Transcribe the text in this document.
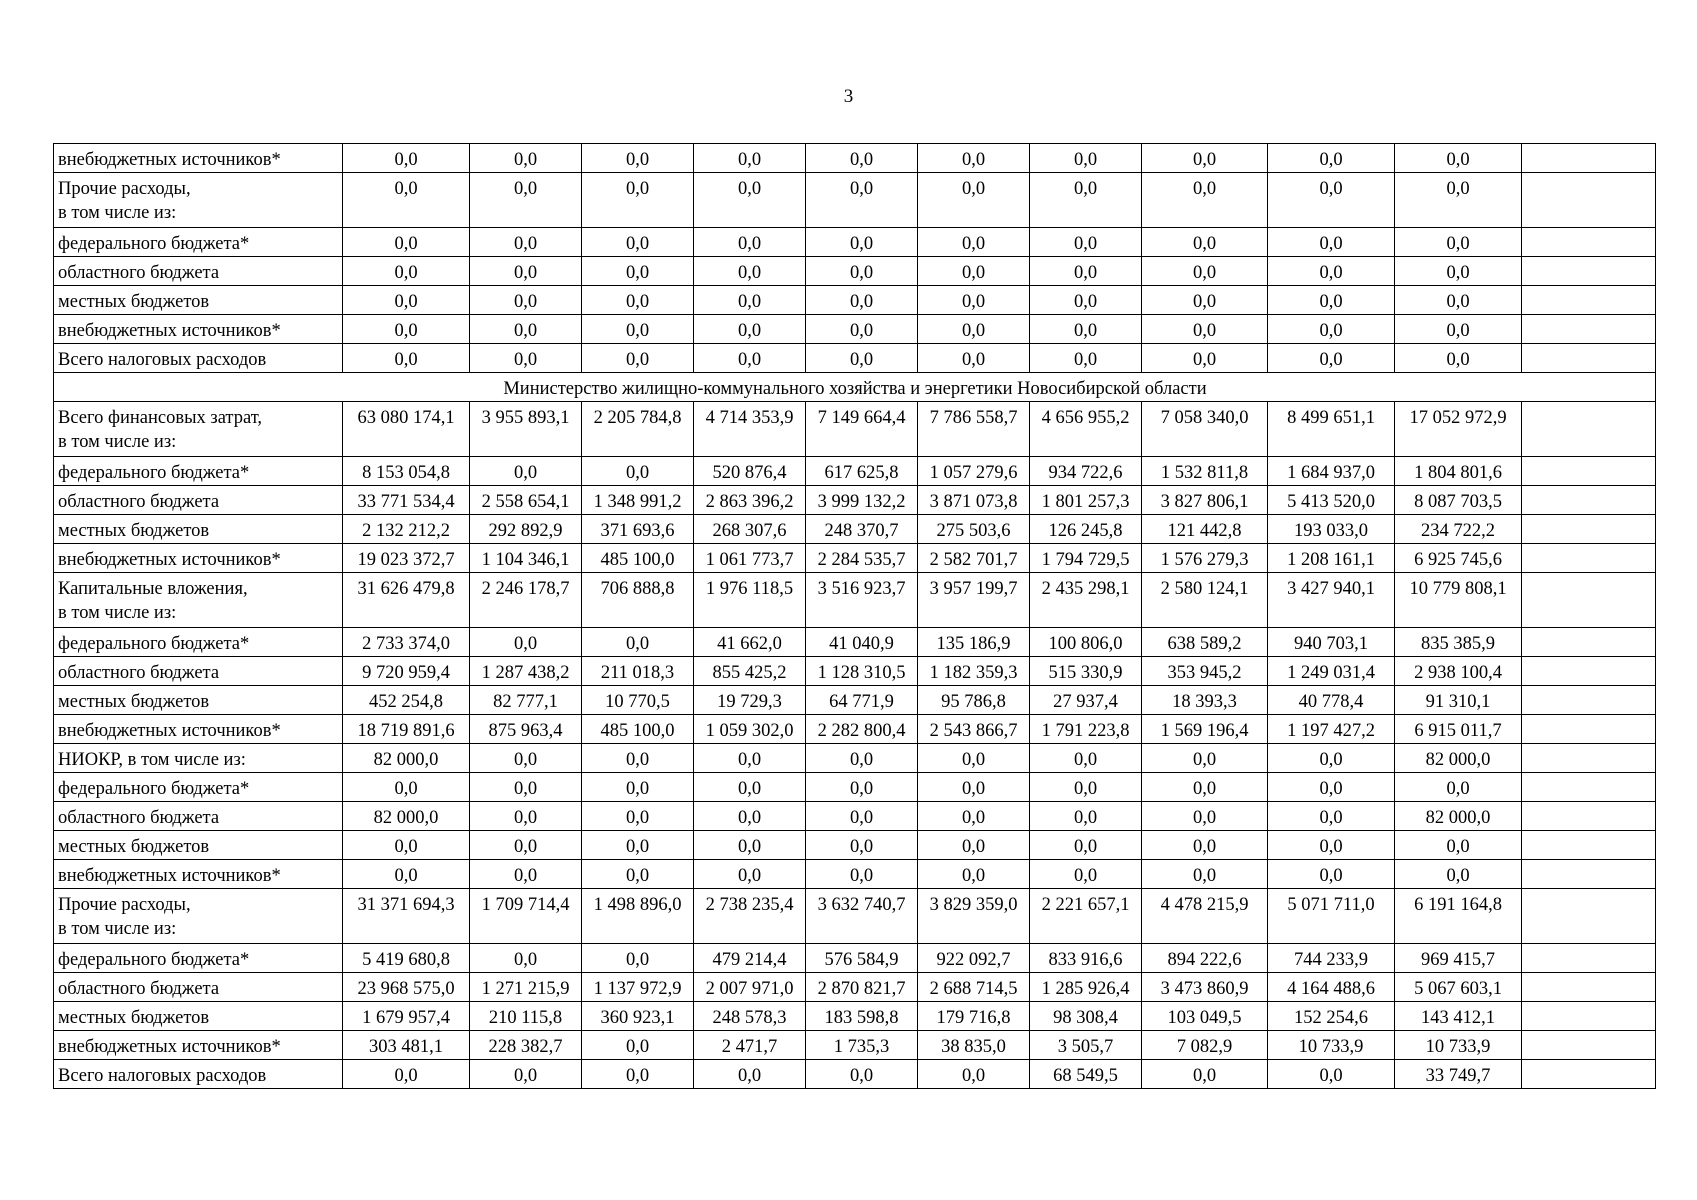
3
внебюджетных источников*	0,0	0,0	0,0	0,0	0,0	0,0	0,0	0,0	0,0	0,0	

Прочие расходы,
в том числе из:	0,0	0,0	0,0	0,0	0,0	0,0	0,0	0,0	0,0	0,0	

федерального бюджета*	0,0	0,0	0,0	0,0	0,0	0,0	0,0	0,0	0,0	0,0	

областного бюджета	0,0	0,0	0,0	0,0	0,0	0,0	0,0	0,0	0,0	0,0	

местных бюджетов	0,0	0,0	0,0	0,0	0,0	0,0	0,0	0,0	0,0	0,0	

внебюджетных источников*	0,0	0,0	0,0	0,0	0,0	0,0	0,0	0,0	0,0	0,0	

Всего налоговых расходов	0,0	0,0	0,0	0,0	0,0	0,0	0,0	0,0	0,0	0,0	
Министерство жилищно-коммунального хозяйства и энергетики Новосибирской области											

Всего финансовых затрат,
в том числе из:	63 080 174,1	3 955 893,1	2 205 784,8	4 714 353,9	7 149 664,4	7 786 558,7	4 656 955,2	7 058 340,0	8 499 651,1	17 052 972,9	

федерального бюджета*	8 153 054,8	0,0	0,0	520 876,4	617 625,8	1 057 279,6	934 722,6	1 532 811,8	1 684 937,0	1 804 801,6	

областного бюджета	33 771 534,4	2 558 654,1	1 348 991,2	2 863 396,2	3 999 132,2	3 871 073,8	1 801 257,3	3 827 806,1	5 413 520,0	8 087 703,5	

местных бюджетов	2 132 212,2	292 892,9	371 693,6	268 307,6	248 370,7	275 503,6	126 245,8	121 442,8	193 033,0	234 722,2	

внебюджетных источников*	19 023 372,7	1 104 346,1	485 100,0	1 061 773,7	2 284 535,7	2 582 701,7	1 794 729,5	1 576 279,3	1 208 161,1	6 925 745,6	

Капитальные вложения,
в том числе из:	31 626 479,8	2 246 178,7	706 888,8	1 976 118,5	3 516 923,7	3 957 199,7	2 435 298,1	2 580 124,1	3 427 940,1	10 779 808,1	

федерального бюджета*	2 733 374,0	0,0	0,0	41 662,0	41 040,9	135 186,9	100 806,0	638 589,2	940 703,1	835 385,9	

областного бюджета	9 720 959,4	1 287 438,2	211 018,3	855 425,2	1 128 310,5	1 182 359,3	515 330,9	353 945,2	1 249 031,4	2 938 100,4	

местных бюджетов	452 254,8	82 777,1	10 770,5	19 729,3	64 771,9	95 786,8	27 937,4	18 393,3	40 778,4	91 310,1	

внебюджетных источников*	18 719 891,6	875 963,4	485 100,0	1 059 302,0	2 282 800,4	2 543 866,7	1 791 223,8	1 569 196,4	1 197 427,2	6 915 011,7	

НИОКР, в том числе из:	82 000,0	0,0	0,0	0,0	0,0	0,0	0,0	0,0	0,0	82 000,0	

федерального бюджета*	0,0	0,0	0,0	0,0	0,0	0,0	0,0	0,0	0,0	0,0	

областного бюджета	82 000,0	0,0	0,0	0,0	0,0	0,0	0,0	0,0	0,0	82 000,0	

местных бюджетов	0,0	0,0	0,0	0,0	0,0	0,0	0,0	0,0	0,0	0,0	

внебюджетных источников*	0,0	0,0	0,0	0,0	0,0	0,0	0,0	0,0	0,0	0,0	

Прочие расходы,
в том числе из:	31 371 694,3	1 709 714,4	1 498 896,0	2 738 235,4	3 632 740,7	3 829 359,0	2 221 657,1	4 478 215,9	5 071 711,0	6 191 164,8	

федерального бюджета*	5 419 680,8	0,0	0,0	479 214,4	576 584,9	922 092,7	833 916,6	894 222,6	744 233,9	969 415,7	

областного бюджета	23 968 575,0	1 271 215,9	1 137 972,9	2 007 971,0	2 870 821,7	2 688 714,5	1 285 926,4	3 473 860,9	4 164 488,6	5 067 603,1	

местных бюджетов	1 679 957,4	210 115,8	360 923,1	248 578,3	183 598,8	179 716,8	98 308,4	103 049,5	152 254,6	143 412,1	

внебюджетных источников*	303 481,1	228 382,7	0,0	2 471,7	1 735,3	38 835,0	3 505,7	7 082,9	10 733,9	10 733,9	

Всего налоговых расходов	0,0	0,0	0,0	0,0	0,0	0,0	68 549,5	0,0	0,0	33 749,7	
